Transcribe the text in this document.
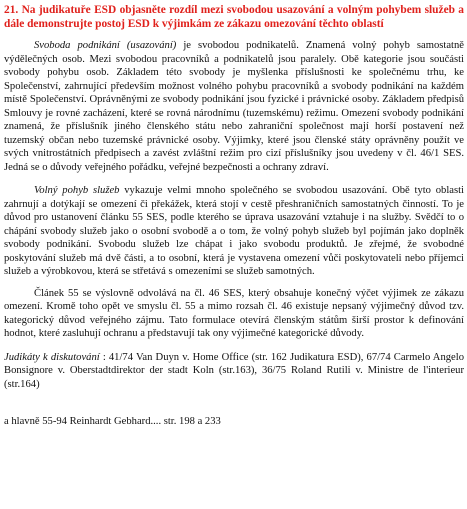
21. Na judikatuře ESD objasněte rozdíl mezi svobodou usazování a volným pohybem služeb a dále demonstrujte postoj ESD k výjimkám ze zákazu omezování těchto oblastí

Svoboda podnikání (usazování) je svobodou podnikatelů. Znamená volný pohyb samostatně výdělečných osob. Mezi svobodou pracovníků a podnikatelů jsou paralely. Obě kategorie jsou součásti svobody pohybu osob. Základem této svobody je myšlenka příslušnosti ke společnému trhu, ke Společenství, zahrnující především možnost volného pohybu pracovníků a svobody podnikání na každém místě Společenství. Oprávněnými ze svobody podnikání jsou fyzické i právnické osoby. Základem předpisů Smlouvy je rovné zacházení, které se rovná národnímu (tuzemskému) režimu. Omezení svobody podnikání znamená, že příslušník jiného členského státu nebo zahraniční společnost mají horší postavení než tuzemský občan nebo tuzemské právnické osoby. Výjimky, které jsou členské státy oprávněny použít ve svých vnitrostátních předpisech a zavést zvláštní režim pro cizí příslušníky jsou uvedeny v čl. 46/1 SES. Jedná se o důvody veřejného pořádku, veřejné bezpečnosti a ochrany zdraví.

Volný pohyb služeb vykazuje velmi mnoho společného se svobodou usazování. Obě tyto oblasti zahrnují a dotýkají se omezení či překážek, která stojí v cestě přeshraničních samostatných činností. To je důvod pro ustanovení článku 55 SES, podle kterého se úprava usazování vztahuje i na služby. Svědčí to o chápání svobody služeb jako o osobní svobodě a o tom, že volný pohyb služeb byl pojímán jako doplněk svobody podnikání. Svobodu služeb lze chápat i jako svobodu produktů. Je zřejmé, že svobodné poskytování služeb má dvě části, a to osobní, která je vystavena omezení vůči poskytovateli nebo příjemci služeb a výrobkovou, která se střetává s omezeními se služeb samotných.

Článek 55 se výslovně odvolává na čl. 46 SES, který obsahuje konečný výčet výjimek ze zákazu omezení. Kromě toho opět ve smyslu čl. 55 a mimo rozsah čl. 46 existuje nepsaný výjimečný důvod tzv. kategorický důvod veřejného zájmu. Tato formulace otevírá členským státům širší prostor k definování hodnot, které zasluhují ochranu a představují tak ony výjimečné kategorické důvody.

Judikáty k diskutování : 41/74 Van Duyn v. Home Office (str. 162 Judikatura ESD), 67/74 Carmelo Angelo Bonsignore v. Oberstadtdirektor der stadt Koln (str.163), 36/75 Roland Rutili v. Ministre de l'interieur (str.164)

a hlavně 55-94 Reinhardt Gebhard.... str. 198 a 233
